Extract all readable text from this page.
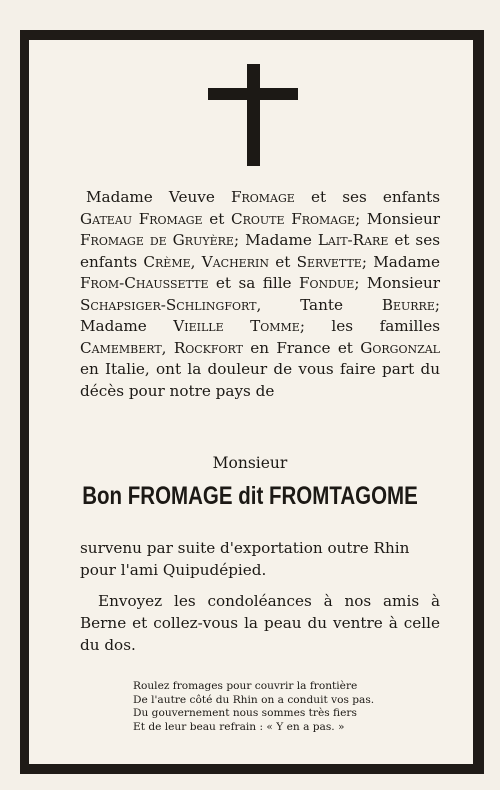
Madame Veuve Fromage et ses enfants Gateau Fromage et Croute Fromage; Monsieur Fromage de Gruyère; Madame Lait-Rare et ses enfants Crème, Vacherin et Servette; Madame From-Chaussette et sa fille Fondue; Monsieur Schapsiger-Schlingfort, Tante	Beurre; Madame Vieille Tomme; les familles Camembert, Rockfort en France et Gorgonzal en Italie, ont la douleur de vous faire part du décès pour notre pays de
Monsieur
Bon FROMAGE dit FROMTAGOME
survenu par suite d'exportation outre Rhin pour l'ami Quipudépied.
Envoyez les condoléances à nos amis à Berne et collez-vous la peau du ventre à celle du dos.
Roulez fromages pour couvrir la frontière
De l'autre côté du Rhin on a conduit vos pas.
Du gouvernement nous sommes très fiers
Et de leur beau refrain : « Y en a pas. »
